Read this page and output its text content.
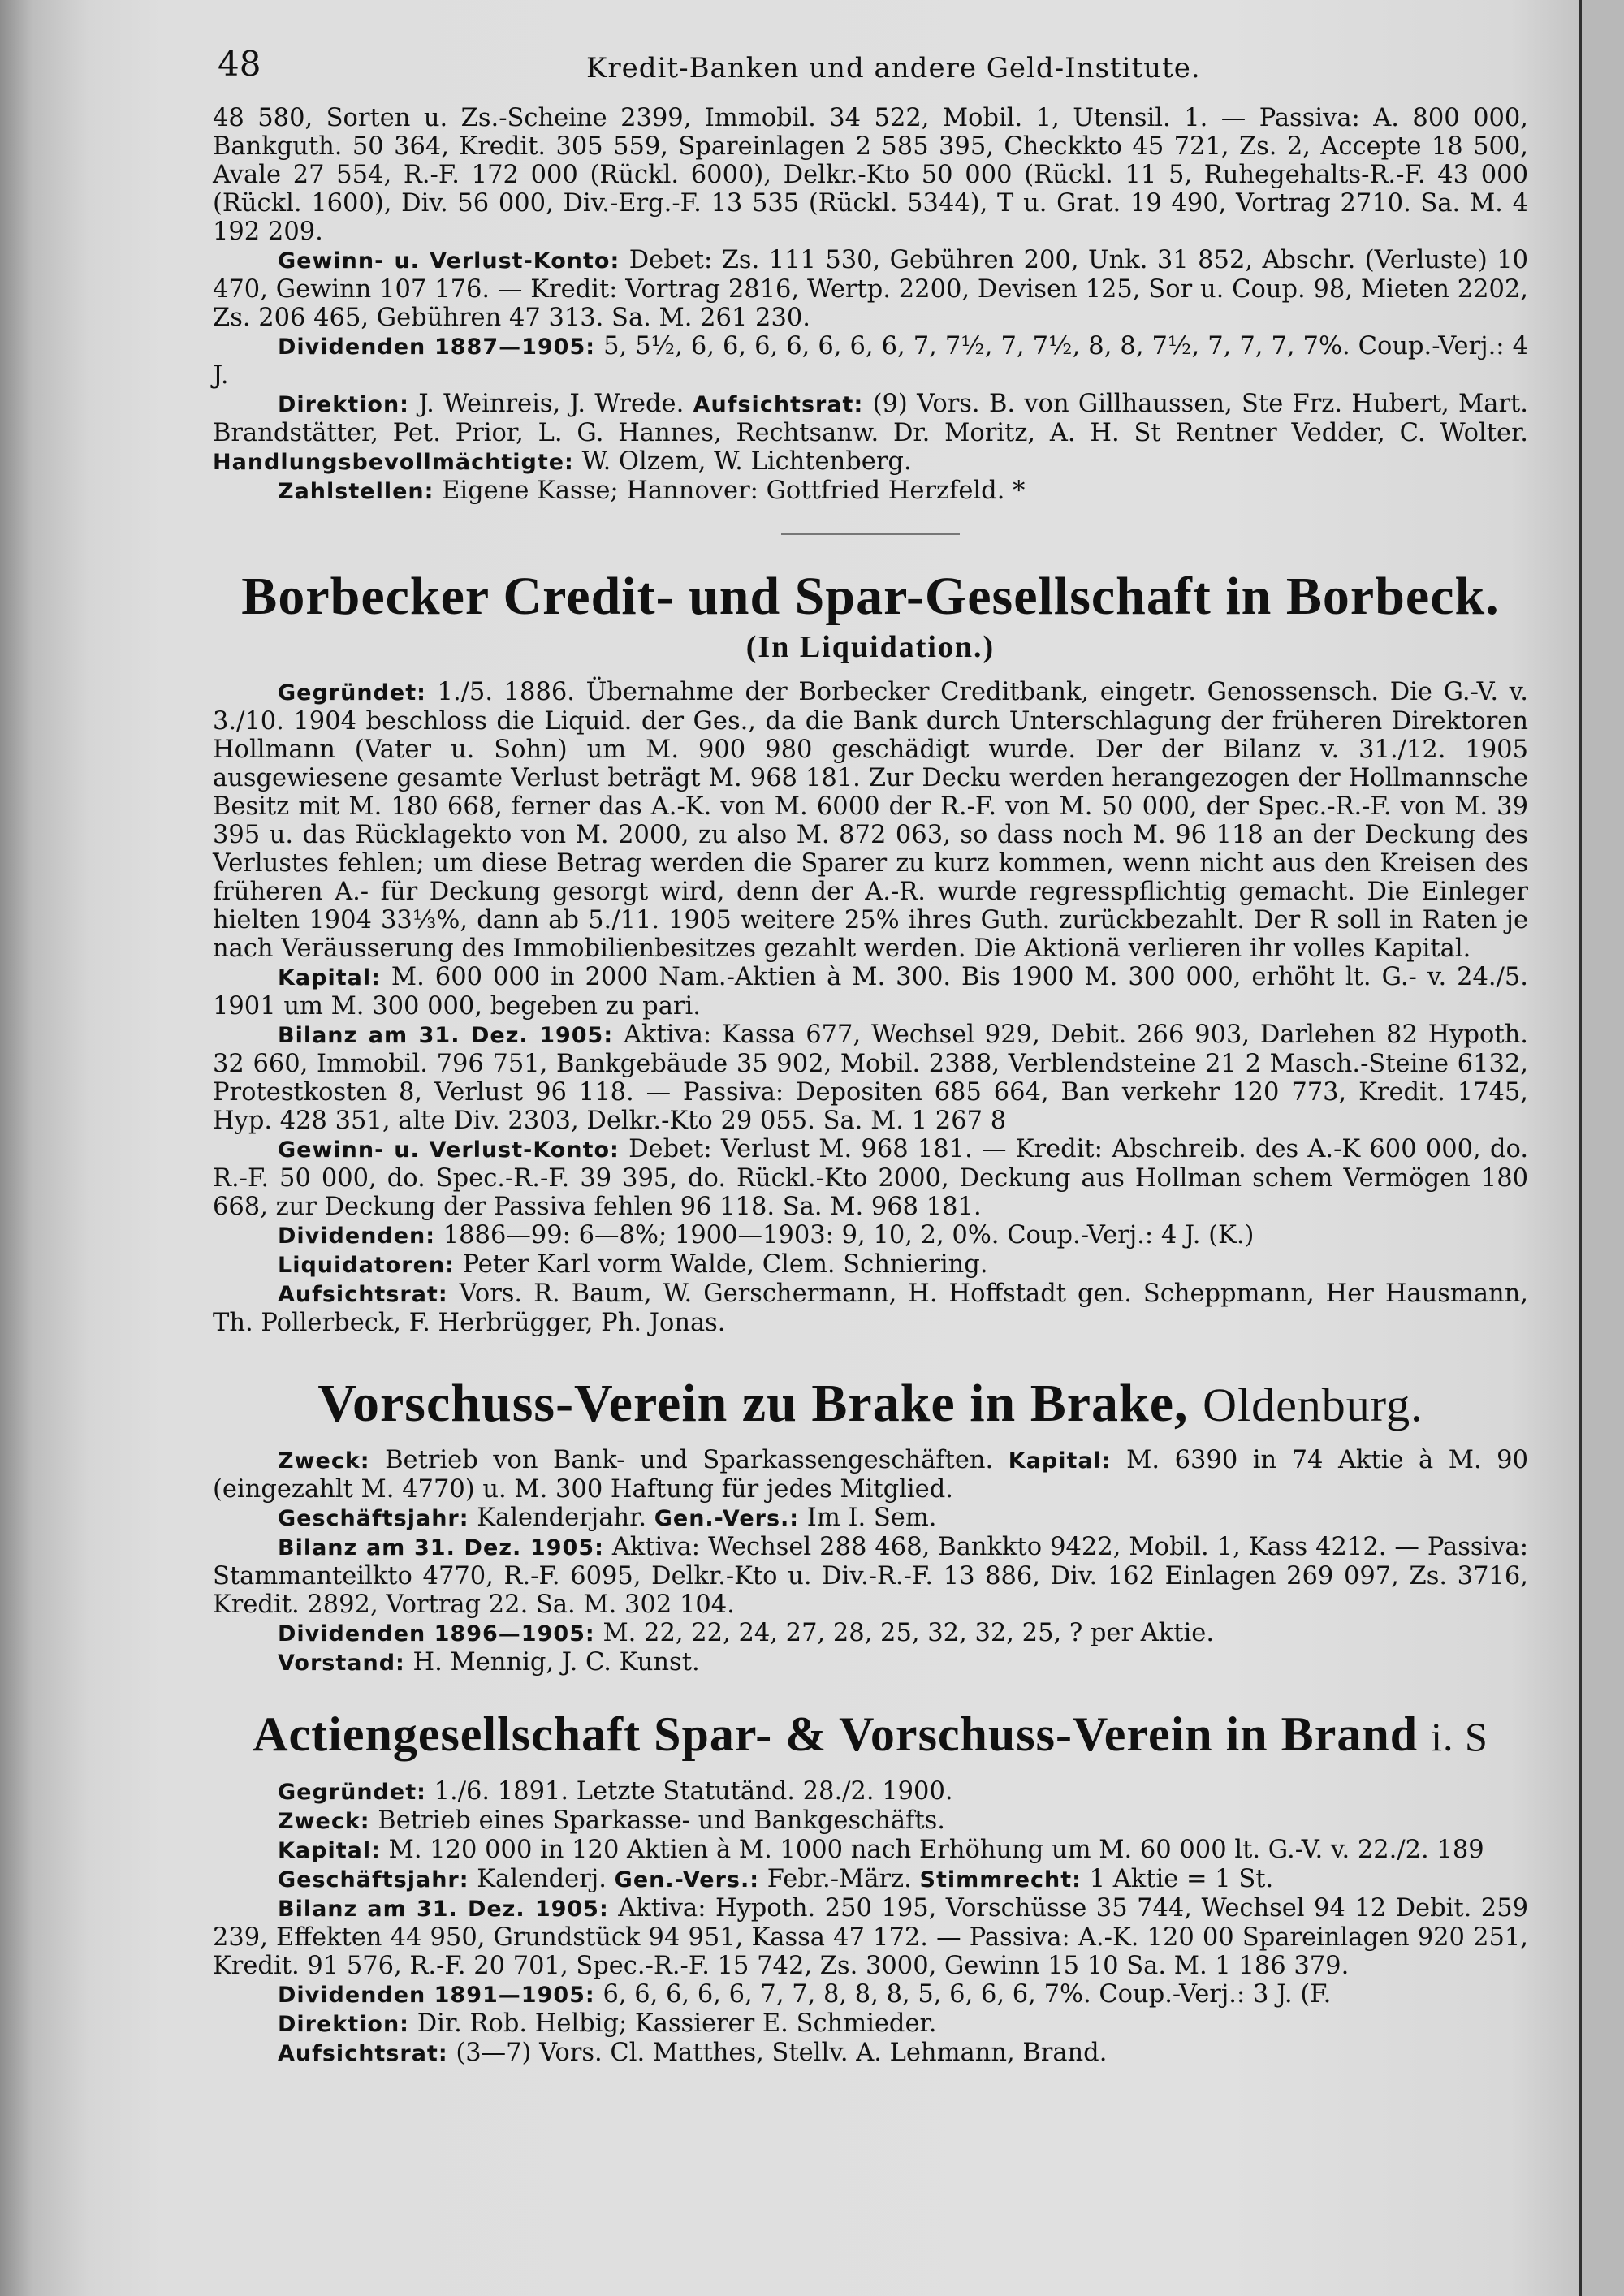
48	Kredit-Banken und andere Geld-Institute.

48 580, Sorten u. Zs.-Scheine 2399, Immobil. 34 522, Mobil. 1, Utensil. 1. — Passiva: A. 800 000, Bankguth. 50 364, Kredit. 305 559, Spareinlagen 2 585 395, Checkkto 45 721, Zs. 2, Accepte 18 500, Avale 27 554, R.-F. 172 000 (Rückl. 6000), Delkr.-Kto 50 000 (Rückl. 11 5, Ruhegehalts-R.-F. 43 000 (Rückl. 1600), Div. 56 000, Div.-Erg.-F. 13 535 (Rückl. 5344), T u. Grat. 19 490, Vortrag 2710. Sa. M. 4 192 209.

Gewinn- u. Verlust-Konto: Debet: Zs. 111 530, Gebühren 200, Unk. 31 852, Abschr. (Verluste) 10 470, Gewinn 107 176. — Kredit: Vortrag 2816, Wertp. 2200, Devisen 125, Sor u. Coup. 98, Mieten 2202, Zs. 206 465, Gebühren 47 313. Sa. M. 261 230.

Dividenden 1887—1905: 5, 5½, 6, 6, 6, 6, 6, 6, 6, 7, 7½, 7, 7½, 8, 8, 7½, 7, 7, 7, 7%. Coup.-Verj.: 4 J.

Direktion: J. Weinreis, J. Wrede. Aufsichtsrat: (9) Vors. B. von Gillhaussen, Ste Frz. Hubert, Mart. Brandstätter, Pet. Prior, L. G. Hannes, Rechtsanw. Dr. Moritz, A. H. St Rentner Vedder, C. Wolter. Handlungsbevollmächtigte: W. Olzem, W. Lichtenberg.

Zahlstellen: Eigene Kasse; Hannover: Gottfried Herzfeld. *

Borbecker Credit- und Spar-Gesellschaft in Borbeck.
(In Liquidation.)

Gegründet: 1./5. 1886. Übernahme der Borbecker Creditbank, eingetr. Genossensch. Die G.-V. v. 3./10. 1904 beschloss die Liquid. der Ges., da die Bank durch Unterschlagung der früheren Direktoren Hollmann (Vater u. Sohn) um M. 900 980 geschädigt wurde. Der der Bilanz v. 31./12. 1905 ausgewiesene gesamte Verlust beträgt M. 968 181. Zur Decku werden herangezogen der Hollmannsche Besitz mit M. 180 668, ferner das A.-K. von M. 6000 der R.-F. von M. 50 000, der Spec.-R.-F. von M. 39 395 u. das Rücklagekto von M. 2000, zu also M. 872 063, so dass noch M. 96 118 an der Deckung des Verlustes fehlen; um diese Betrag werden die Sparer zu kurz kommen, wenn nicht aus den Kreisen des früheren A.- für Deckung gesorgt wird, denn der A.-R. wurde regresspflichtig gemacht. Die Einleger hielten 1904 33⅓%, dann ab 5./11. 1905 weitere 25% ihres Guth. zurückbezahlt. Der R soll in Raten je nach Veräusserung des Immobilienbesitzes gezahlt werden. Die Aktionä verlieren ihr volles Kapital.

Kapital: M. 600 000 in 2000 Nam.-Aktien à M. 300. Bis 1900 M. 300 000, erhöht lt. G.- v. 24./5. 1901 um M. 300 000, begeben zu pari.

Bilanz am 31. Dez. 1905: Aktiva: Kassa 677, Wechsel 929, Debit. 266 903, Darlehen 82 Hypoth. 32 660, Immobil. 796 751, Bankgebäude 35 902, Mobil. 2388, Verblendsteine 21 2 Masch.-Steine 6132, Protestkosten 8, Verlust 96 118. — Passiva: Depositen 685 664, Ban verkehr 120 773, Kredit. 1745, Hyp. 428 351, alte Div. 2303, Delkr.-Kto 29 055. Sa. M. 1 267 8

Gewinn- u. Verlust-Konto: Debet: Verlust M. 968 181. — Kredit: Abschreib. des A.-K 600 000, do. R.-F. 50 000, do. Spec.-R.-F. 39 395, do. Rückl.-Kto 2000, Deckung aus Hollman schem Vermögen 180 668, zur Deckung der Passiva fehlen 96 118. Sa. M. 968 181.

Dividenden: 1886—99: 6—8%; 1900—1903: 9, 10, 2, 0%. Coup.-Verj.: 4 J. (K.)

Liquidatoren: Peter Karl vorm Walde, Clem. Schniering.

Aufsichtsrat: Vors. R. Baum, W. Gerschermann, H. Hoffstadt gen. Scheppmann, Her Hausmann, Th. Pollerbeck, F. Herbrügger, Ph. Jonas.

Vorschuss-Verein zu Brake in Brake, Oldenburg.

Zweck: Betrieb von Bank- und Sparkassengeschäften. Kapital: M. 6390 in 74 Aktie à M. 90 (eingezahlt M. 4770) u. M. 300 Haftung für jedes Mitglied.

Geschäftsjahr: Kalenderjahr. Gen.-Vers.: Im I. Sem.

Bilanz am 31. Dez. 1905: Aktiva: Wechsel 288 468, Bankkto 9422, Mobil. 1, Kass 4212. — Passiva: Stammanteilkto 4770, R.-F. 6095, Delkr.-Kto u. Div.-R.-F. 13 886, Div. 162 Einlagen 269 097, Zs. 3716, Kredit. 2892, Vortrag 22. Sa. M. 302 104.

Dividenden 1896—1905: M. 22, 22, 24, 27, 28, 25, 32, 32, 25, ? per Aktie.

Vorstand: H. Mennig, J. C. Kunst.

Actiengesellschaft Spar- & Vorschuss-Verein in Brand i. S

Gegründet: 1./6. 1891. Letzte Statutänd. 28./2. 1900.

Zweck: Betrieb eines Sparkasse- und Bankgeschäfts.

Kapital: M. 120 000 in 120 Aktien à M. 1000 nach Erhöhung um M. 60 000 lt. G.-V. v. 22./2. 189

Geschäftsjahr: Kalenderj. Gen.-Vers.: Febr.-März. Stimmrecht: 1 Aktie = 1 St.

Bilanz am 31. Dez. 1905: Aktiva: Hypoth. 250 195, Vorschüsse 35 744, Wechsel 94 12 Debit. 259 239, Effekten 44 950, Grundstück 94 951, Kassa 47 172. — Passiva: A.-K. 120 00 Spareinlagen 920 251, Kredit. 91 576, R.-F. 20 701, Spec.-R.-F. 15 742, Zs. 3000, Gewinn 15 10 Sa. M. 1 186 379.

Dividenden 1891—1905: 6, 6, 6, 6, 6, 7, 7, 8, 8, 8, 5, 6, 6, 6, 7%. Coup.-Verj.: 3 J. (F.

Direktion: Dir. Rob. Helbig; Kassierer E. Schmieder.

Aufsichtsrat: (3—7) Vors. Cl. Matthes, Stellv. A. Lehmann, Brand.
